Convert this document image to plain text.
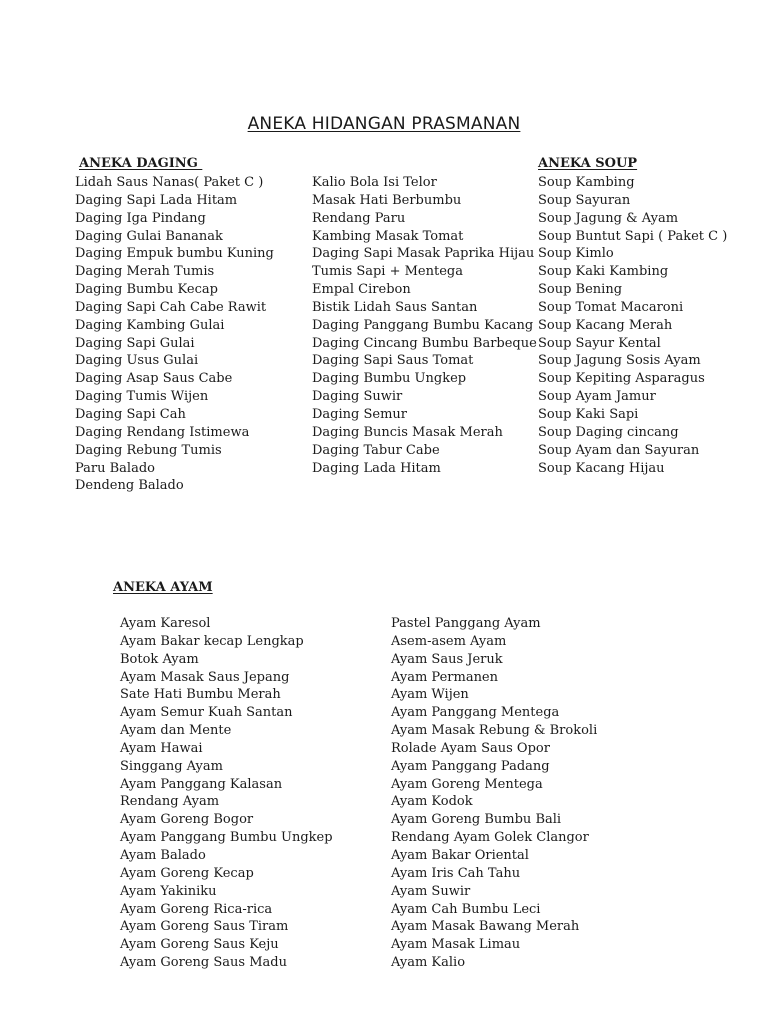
ANEKA HIDANGAN PRASMANAN
ANEKA DAGING	ANEKA SOUP
ANEKA AYAM
Lidah Saus Nanas( Paket C )
Daging Sapi Lada Hitam
Daging Iga Pindang
Daging Gulai Bananak
Daging Empuk bumbu Kuning
Daging Merah Tumis
Daging Bumbu Kecap
Daging Sapi Cah Cabe Rawit
Daging Kambing Gulai
Daging Sapi Gulai
Daging Usus Gulai
Daging Asap Saus Cabe
Daging Tumis Wijen
Daging Sapi Cah
Daging Rendang Istimewa
Daging Rebung Tumis
Paru Balado
Dendeng Balado
Kalio Bola Isi Telor
Masak Hati Berbumbu
Rendang Paru
Kambing Masak Tomat
Daging Sapi Masak Paprika Hijau
Tumis Sapi + Mentega
Empal Cirebon
Bistik Lidah Saus Santan
Daging Panggang Bumbu Kacang
Daging Cincang Bumbu Barbeque
Daging Sapi Saus Tomat
Daging Bumbu Ungkep
Daging Suwir
Daging Semur
Daging Buncis Masak Merah
Daging Tabur Cabe
Daging Lada Hitam
Soup Kambing
Soup Sayuran
Soup Jagung & Ayam
Soup Buntut Sapi ( Paket C )
Soup Kimlo
Soup Kaki Kambing
Soup Bening
Soup Tomat Macaroni
Soup Kacang Merah
Soup Sayur Kental
Soup Jagung Sosis Ayam
Soup Kepiting Asparagus
Soup Ayam Jamur
Soup Kaki Sapi
Soup Daging cincang
Soup Ayam dan Sayuran
Soup Kacang Hijau
Ayam Karesol
Ayam Bakar kecap Lengkap
Botok Ayam
Ayam Masak Saus Jepang
Sate Hati Bumbu Merah
Ayam Semur Kuah Santan
Ayam dan Mente
Ayam Hawai
Singgang Ayam
Ayam Panggang Kalasan
Rendang Ayam
Ayam Goreng Bogor
Ayam Panggang Bumbu Ungkep
Ayam Balado
Ayam Goreng Kecap
Ayam Yakiniku
Ayam Goreng Rica-rica
Ayam Goreng Saus Tiram
Ayam Goreng Saus Keju
Ayam Goreng Saus Madu
Pastel Panggang Ayam
Asem-asem Ayam
Ayam Saus Jeruk
Ayam Permanen
Ayam Wijen
Ayam Panggang Mentega
Ayam Masak Rebung & Brokoli
Rolade Ayam Saus Opor
Ayam Panggang Padang
Ayam Goreng Mentega
Ayam Kodok
Ayam Goreng Bumbu Bali
Rendang Ayam Golek Clangor
Ayam Bakar Oriental
Ayam Iris Cah Tahu
Ayam Suwir
Ayam Cah Bumbu Leci
Ayam Masak Bawang Merah
Ayam Masak Limau
Ayam Kalio
